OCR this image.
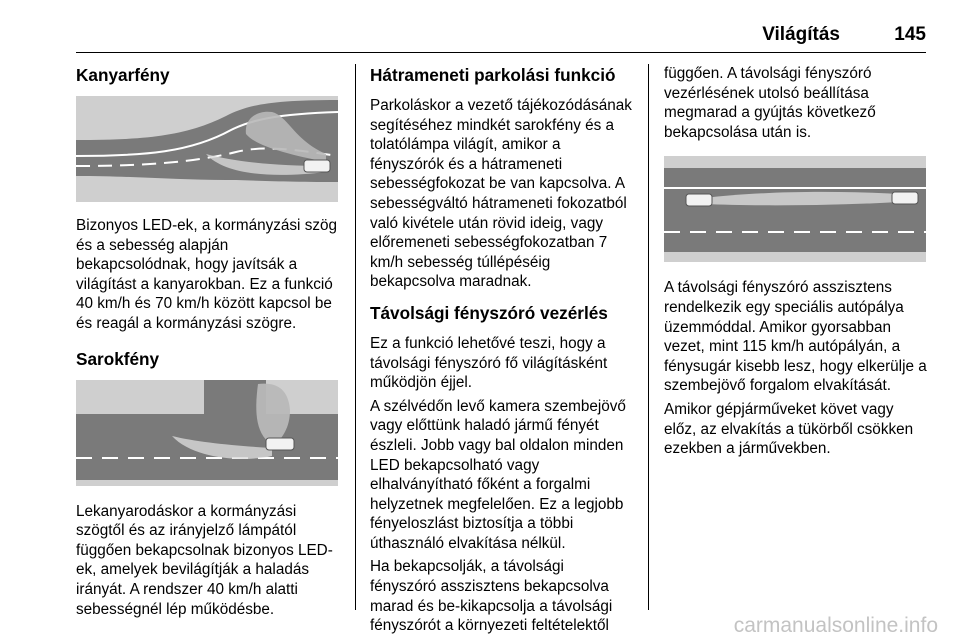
Világítás	145
Kanyarfény

Bizonyos LED-ek, a kormányzási szög és a sebesség alapján bekapcsolódnak, hogy javítsák a világítást a kanyarokban. Ez a funkció 40 km/h és 70 km/h között kapcsol be és reagál a kormányzási szögre.

Sarokfény

Lekanyarodáskor a kormányzási szögtől és az irányjelző lámpától függően bekapcsolnak bizonyos LED-ek, amelyek bevilágítják a haladás irányát. A rendszer 40 km/h alatti sebességnél lép működésbe.

Hátrameneti parkolási funkció

Parkoláskor a vezető tájékozódásának segítéséhez mindkét sarokfény és a tolatólámpa világít, amikor a fényszórók és a hátrameneti sebességfokozat be van kapcsolva. A sebességváltó hátrameneti fokozatból való kivétele után rövid ideig, vagy előremeneti sebességfokozatban 7 km/h sebesség túllépéséig bekapcsolva maradnak.

Távolsági fényszóró vezérlés

Ez a funkció lehetővé teszi, hogy a távolsági fényszóró fő világításként működjön éjjel.

A szélvédőn levő kamera szembejövő vagy előttünk haladó jármű fényét észleli. Jobb vagy bal oldalon minden LED bekapcsolható vagy elhalványítható főként a forgalmi helyzetnek megfelelően. Ez a legjobb fényeloszlást biztosítja a többi úthasználó elvakítása nélkül.

Ha bekapcsolják, a távolsági fényszóró asszisztens bekapcsolva marad és be-kikapcsolja a távolsági fényszórót a környezeti feltételektől

függően. A távolsági fényszóró vezérlésének utolsó beállítása megmarad a gyújtás következő bekapcsolása után is.

A távolsági fényszóró asszisztens rendelkezik egy speciális autópálya üzemmóddal. Amikor gyorsabban vezet, mint 115 km/h autópályán, a fénysugár kisebb lesz, hogy elkerülje a szembejövő forgalom elvakítását.

Amikor gépjárműveket követ vagy előz, az elvakítás a tükörből csökken ezekben a járművekben.

carmanualsonline.info
